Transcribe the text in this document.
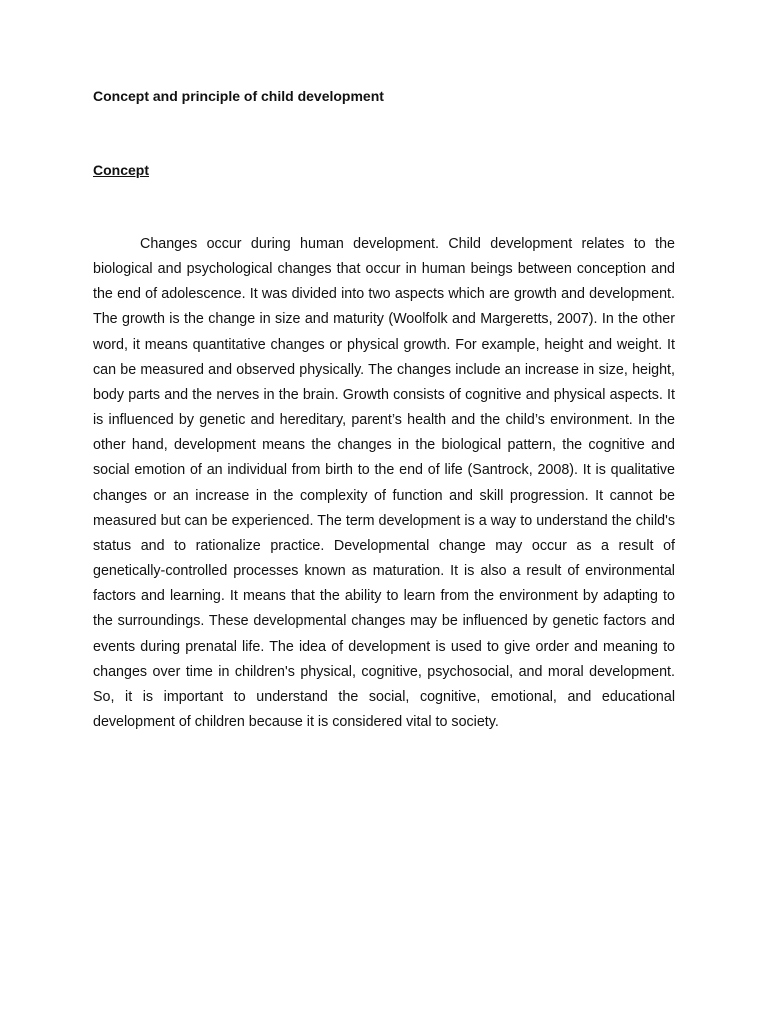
Concept and principle of child development
Concept

Changes occur during human development. Child development relates to the biological and psychological changes that occur in human beings between conception and the end of adolescence. It was divided into two aspects which are growth and development. The growth is the change in size and maturity (Woolfolk and Margeretts, 2007). In the other word, it means quantitative changes or physical growth. For example, height and weight. It can be measured and observed physically. The changes include an increase in size, height, body parts and the nerves in the brain. Growth consists of cognitive and physical aspects. It is influenced by genetic and hereditary, parent’s health and the child’s environment. In the other hand, development means the changes in the biological pattern, the cognitive and social emotion of an individual from birth to the end of life (Santrock, 2008). It is qualitative changes or an increase in the complexity of function and skill progression. It cannot be measured but can be experienced. The term development is a way to understand the child's status and to rationalize practice. Developmental change may occur as a result of genetically-controlled processes known as maturation. It is also a result of environmental factors and learning. It means that the ability to learn from the environment by adapting to the surroundings. These developmental changes may be influenced by genetic factors and events during prenatal life. The idea of development is used to give order and meaning to changes over time in children's physical, cognitive, psychosocial, and moral development. So, it is important to understand the social, cognitive, emotional, and educational development of children because it is considered vital to society.
